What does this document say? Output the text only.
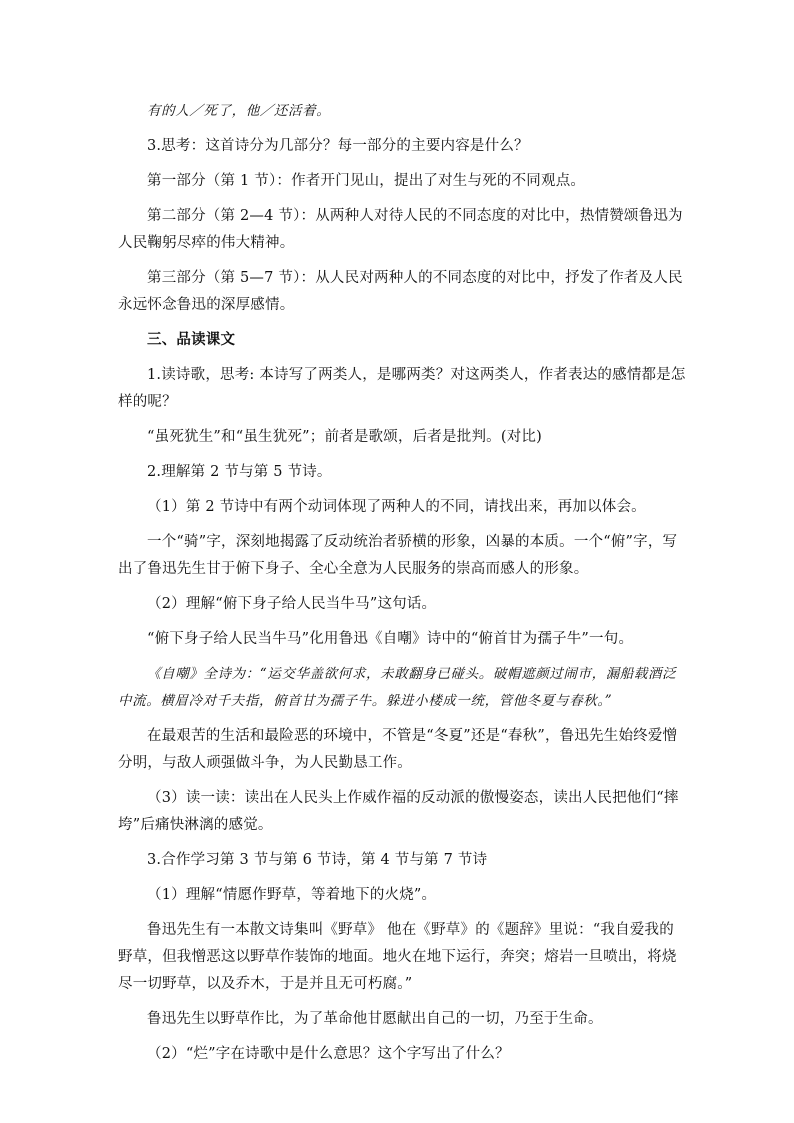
有的人／死了，他／还活着。

3.思考：这首诗分为几部分？每一部分的主要内容是什么？

第一部分（第 1 节）：作者开门见山，提出了对生与死的不同观点。

第二部分（第 2—4 节）：从两种人对待人民的不同态度的对比中，热情赞颂鲁迅为人民鞠躬尽瘁的伟大精神。

第三部分（第 5—7 节）：从人民对两种人的不同态度的对比中，抒发了作者及人民永远怀念鲁迅的深厚感情。

三、品读课文

1.读诗歌，思考: 本诗写了两类人，是哪两类？对这两类人，作者表达的感情都是怎样的呢？

“虽死犹生”和“虽生犹死”；前者是歌颂，后者是批判。(对比)

2.理解第 2 节与第 5 节诗。

（1）第 2 节诗中有两个动词体现了两种人的不同，请找出来，再加以体会。

一个“骑”字，深刻地揭露了反动统治者骄横的形象，凶暴的本质。一个“俯”字，写出了鲁迅先生甘于俯下身子、全心全意为人民服务的崇高而感人的形象。

（2）理解“俯下身子给人民当牛马”这句话。

“俯下身子给人民当牛马”化用鲁迅《自嘲》诗中的“俯首甘为孺子牛”一句。

《自嘲》全诗为：“运交华盖欲何求，未敢翻身已碰头。破帽遮颜过闹市，漏船载酒泛中流。横眉冷对千夫指，俯首甘为孺子牛。躲进小楼成一统，管他冬夏与春秋。”

在最艰苦的生活和最险恶的环境中，不管是“冬夏”还是“春秋”，鲁迅先生始终爱憎分明，与敌人顽强做斗争，为人民勤恳工作。

（3）读一读：读出在人民头上作威作福的反动派的傲慢姿态，读出人民把他们“摔垮”后痛快淋漓的感觉。

3.合作学习第 3 节与第 6 节诗，第 4 节与第 7 节诗

（1）理解“情愿作野草，等着地下的火烧”。

鲁迅先生有一本散文诗集叫《野草》 他在《野草》的《题辞》里说：“我自爱我的野草，但我憎恶这以野草作装饰的地面。地火在地下运行，奔突；熔岩一旦喷出，将烧尽一切野草，以及乔木，于是并且无可朽腐。”

鲁迅先生以野草作比，为了革命他甘愿献出自己的一切，乃至于生命。

（2）“烂”字在诗歌中是什么意思？这个字写出了什么？
